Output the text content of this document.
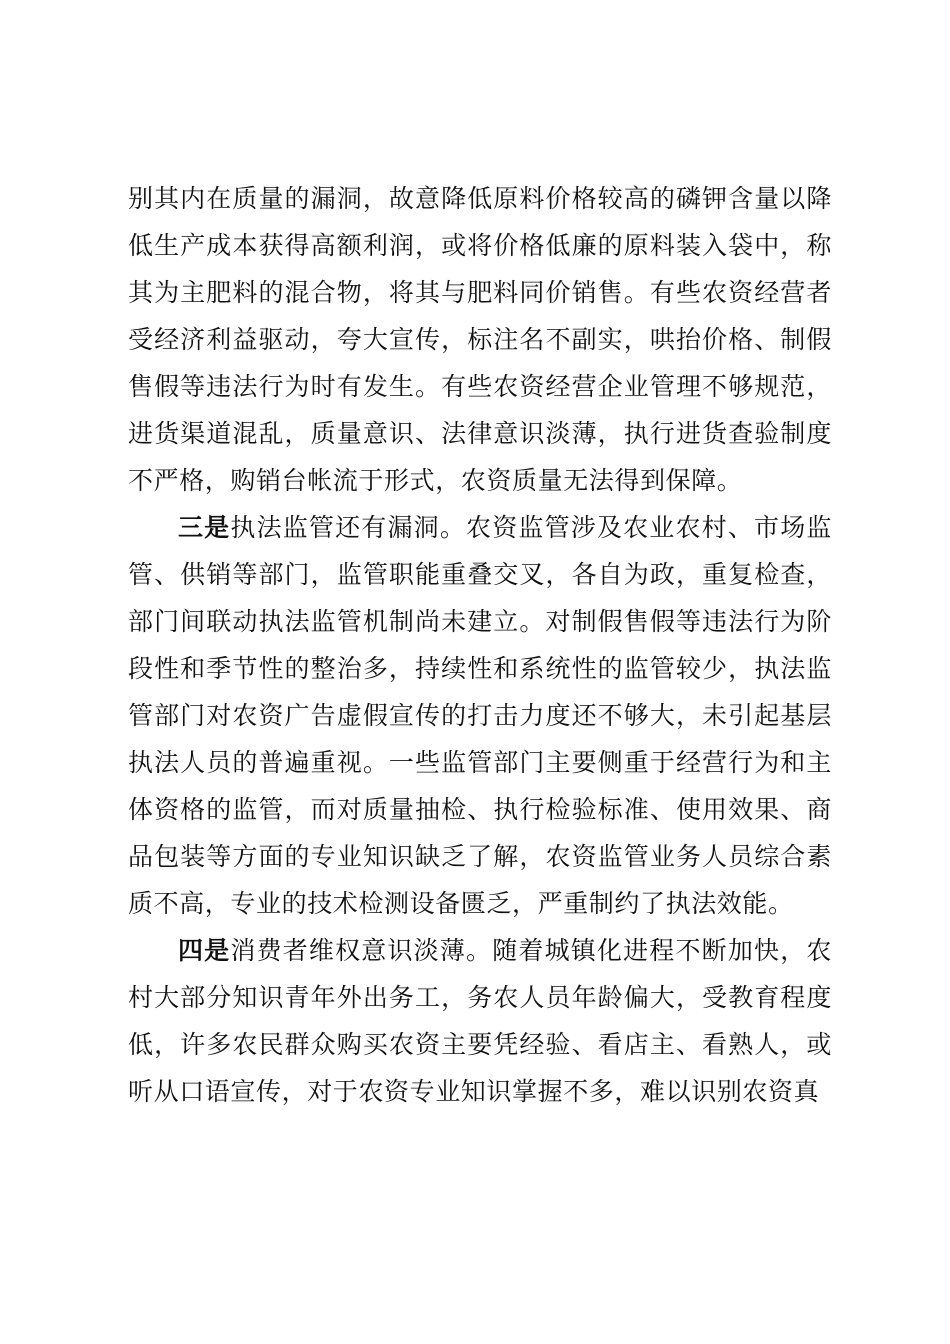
别其内在质量的漏洞，故意降低原料价格较高的磷钾含量以降低生产成本获得高额利润，或将价格低廉的原料装入袋中，称其为主肥料的混合物，将其与肥料同价销售。有些农资经营者受经济利益驱动，夸大宣传，标注名不副实，哄抬价格、制假售假等违法行为时有发生。有些农资经营企业管理不够规范，进货渠道混乱，质量意识、法律意识淡薄，执行进货查验制度不严格，购销台帐流于形式，农资质量无法得到保障。

三是执法监管还有漏洞。农资监管涉及农业农村、市场监管、供销等部门，监管职能重叠交叉，各自为政，重复检查，部门间联动执法监管机制尚未建立。对制假售假等违法行为阶段性和季节性的整治多，持续性和系统性的监管较少，执法监管部门对农资广告虚假宣传的打击力度还不够大，未引起基层执法人员的普遍重视。一些监管部门主要侧重于经营行为和主体资格的监管，而对质量抽检、执行检验标准、使用效果、商品包装等方面的专业知识缺乏了解，农资监管业务人员综合素质不高，专业的技术检测设备匮乏，严重制约了执法效能。

四是消费者维权意识淡薄。随着城镇化进程不断加快，农村大部分知识青年外出务工，务农人员年龄偏大，受教育程度低，许多农民群众购买农资主要凭经验、看店主、看熟人，或听从口语宣传，对于农资专业知识掌握不多，难以识别农资真
